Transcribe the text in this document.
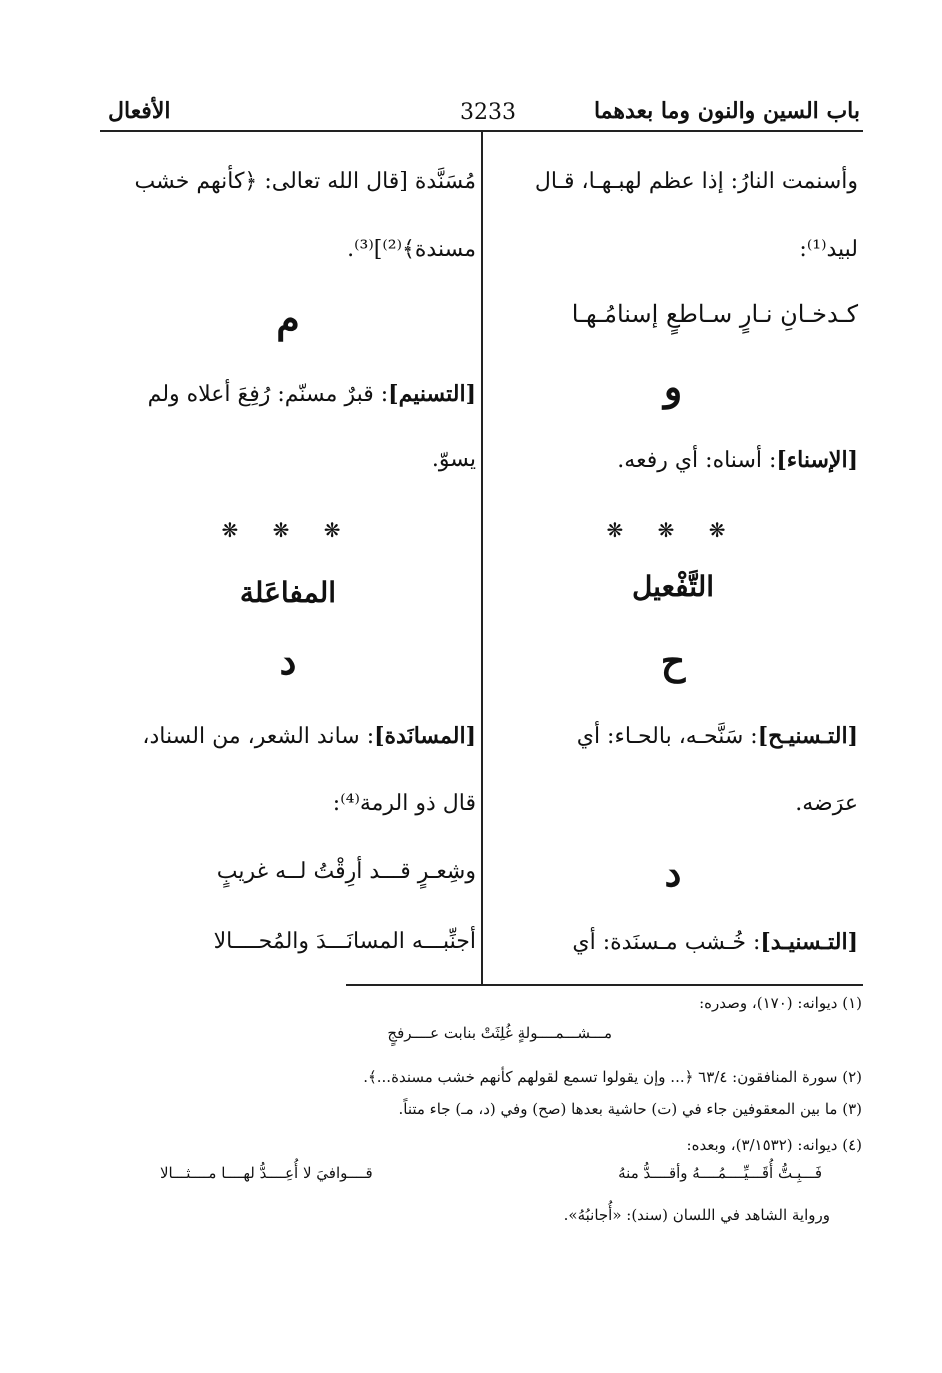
باب السين والنون وما بعدهما
3233
الأفعال
وأسنمت النارُ: إذا عظم لهبـهـا، قـال
لبيد⁽¹⁾:
كـدخـانِ نـارٍ سـاطعٍ إسنامُـهـا
و
[الإسناء]: أسناه: أي رفعه.
❋ ❋ ❋
التَّفْعيل
ح
[التـسنيـح]: سَنَّحـه، بالحـاء: أي
عرَضه.
د
[التـسنيـد]: خُـشب مـسنَدة: أي
مُسَنَّدة [قال الله تعالى: ﴿كأنهم خشب
مسندة﴾⁽²⁾]⁽³⁾.
م
[التسنيم]: قبرٌ مسنّم: رُفِعَ أعلاه ولم
يسوّ.
❋ ❋ ❋
المفاعَلة
د
[المسانَدة]: ساند الشعر، من السناد،
قال ذو الرمة⁽⁴⁾:
وشِعـرٍ قـــد أرِقْتُ لــه غريبٍ
أجنِّبـــه المسانَـــدَ والمُحــــالا
(١) ديوانه: (١٧٠)، وصدره:
مـــشـــمــــولةٍ غُلِثَتْ بنابت عــــرفجٍ
(٢) سورة المنافقون: ٦٣/٤ ﴿... وإن يقولوا تسمع لقولهم كأنهم خشب مسندة...﴾.
(٣) ما بين المعقوفين جاء في (ت) حاشية بعدها (صح) وفي (د، مـ) جاء متناً.
(٤) ديوانه: (٣/١٥٣٢)، وبعده:
فَـــبِـتُّ أُقَـــيِّــــمُــــهُ وأقــــدُّ منهُ
قــــوافيَ لا أُعِــــدُّ لهــــا مــــثـــالا
ورواية الشاهد في اللسان (سند): «أُجانبُهُ».
